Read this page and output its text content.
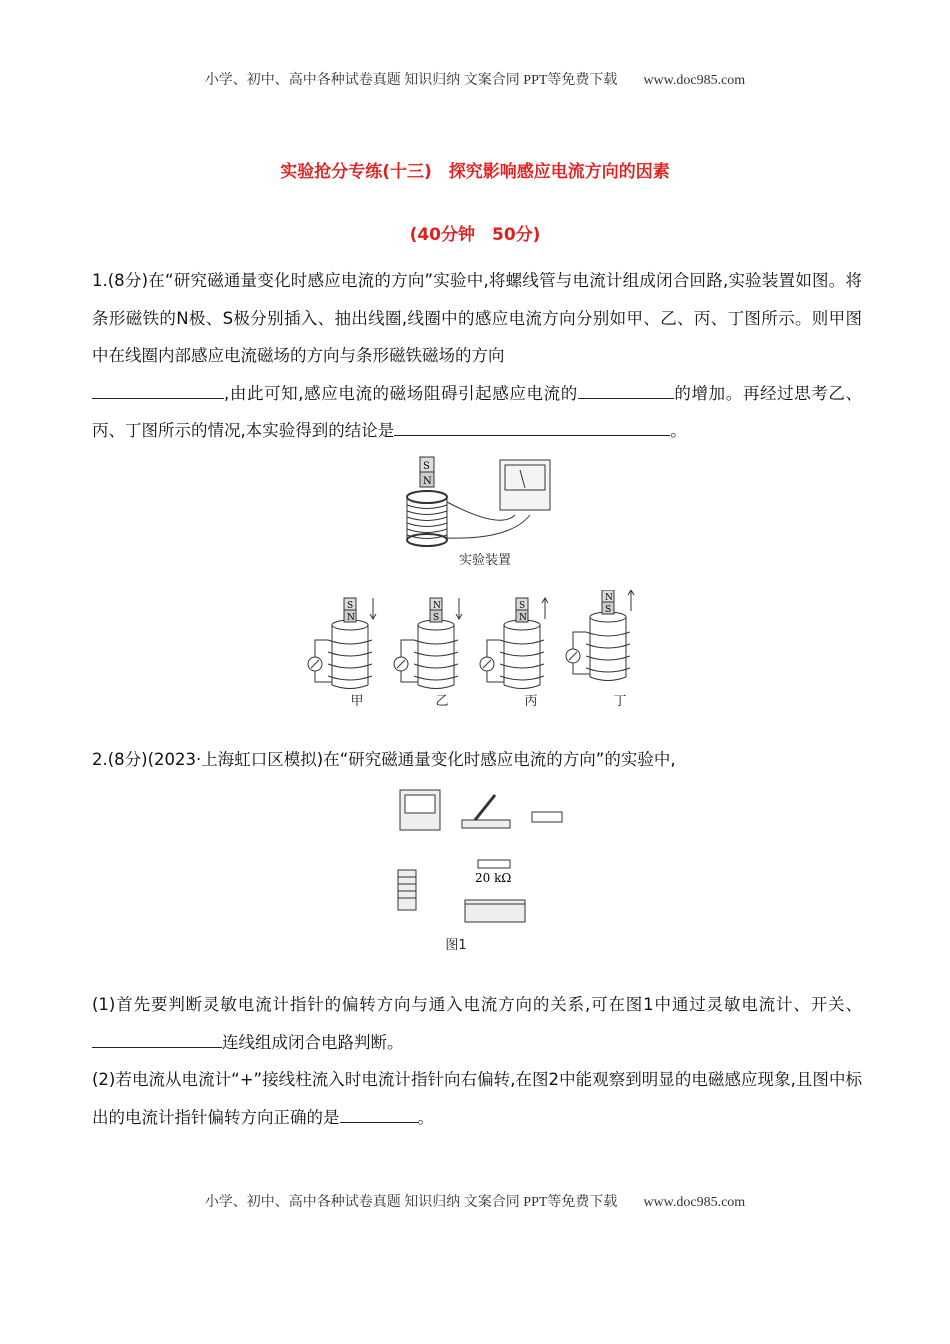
小学、初中、高中各种试卷真题 知识归纳 文案合同 PPT等免费下载 www.doc985.com
实验抢分专练(十三)　探究影响感应电流方向的因素
(40分钟　50分)
1.(8分)在“研究磁通量变化时感应电流的方向”实验中,将螺线管与电流计组成闭合回路,实验装置如图。将条形磁铁的N极、S极分别插入、抽出线圈,线圈中的感应电流方向分别如甲、乙、丙、丁图所示。则甲图中在线圈内部感应电流磁场的方向与条形磁铁磁场的方向
,由此可知,感应电流的磁场阻碍引起感应电流的	的增加。再经过思考乙、丙、丁图所示的情况,本实验得到的结论是	。
S
N
实验装置
S
N
N
S
S
N
N
S
甲	乙	丙	丁
2.(8分)(2023·上海虹口区模拟)在“研究磁通量变化时感应电流的方向”的实验中,
20 kΩ
图1
(1)首先要判断灵敏电流计指针的偏转方向与通入电流方向的关系,可在图1中通过灵敏电流计、开关、连线组成闭合电路判断。
(2)若电流从电流计“+”接线柱流入时电流计指针向右偏转,在图2中能观察到明显的电磁感应现象,且图中标出的电流计指针偏转方向正确的是	。
小学、初中、高中各种试卷真题 知识归纳 文案合同 PPT等免费下载 www.doc985.com
